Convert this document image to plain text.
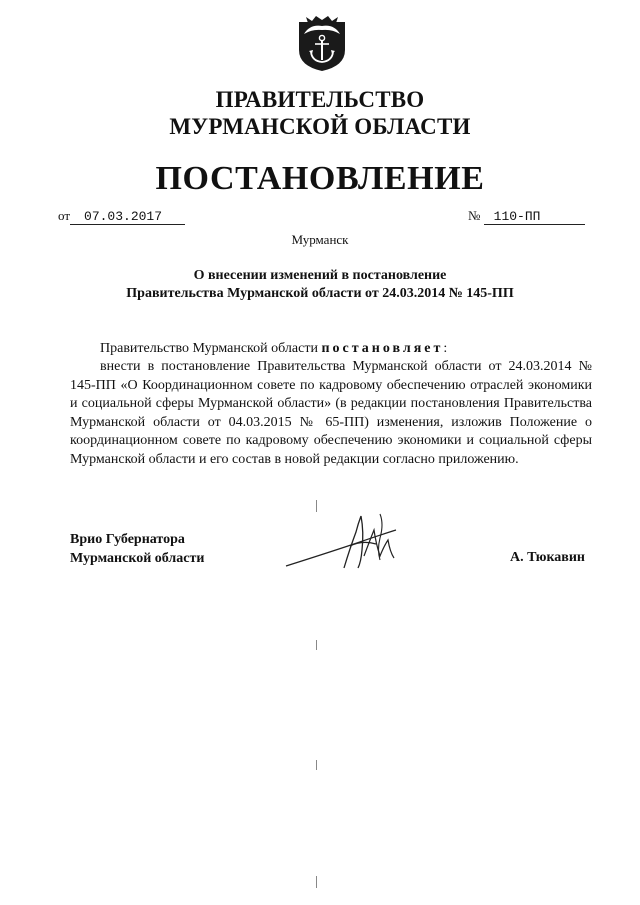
ПРАВИТЕЛЬСТВО
МУРМАНСКОЙ ОБЛАСТИ
ПОСТАНОВЛЕНИЕ
от 07.03.2017	№ 110-ПП
Мурманск
О внесении изменений в постановление
Правительства Мурманской области от 24.03.2014 № 145-ПП
Правительство Мурманской области постановляет:
внести в постановление Правительства Мурманской области от 24.03.2014 № 145-ПП «О Координационном совете по кадровому обеспечению отраслей экономики и социальной сферы Мурманской области» (в редакции постановления Правительства Мурманской области от 04.03.2015 № 65-ПП) изменения, изложив Положение о координационном совете по кадровому обеспечению экономики и социальной сферы Мурманской области и его состав в новой редакции согласно приложению.
Врио Губернатора
Мурманской области	А. Тюкавин
